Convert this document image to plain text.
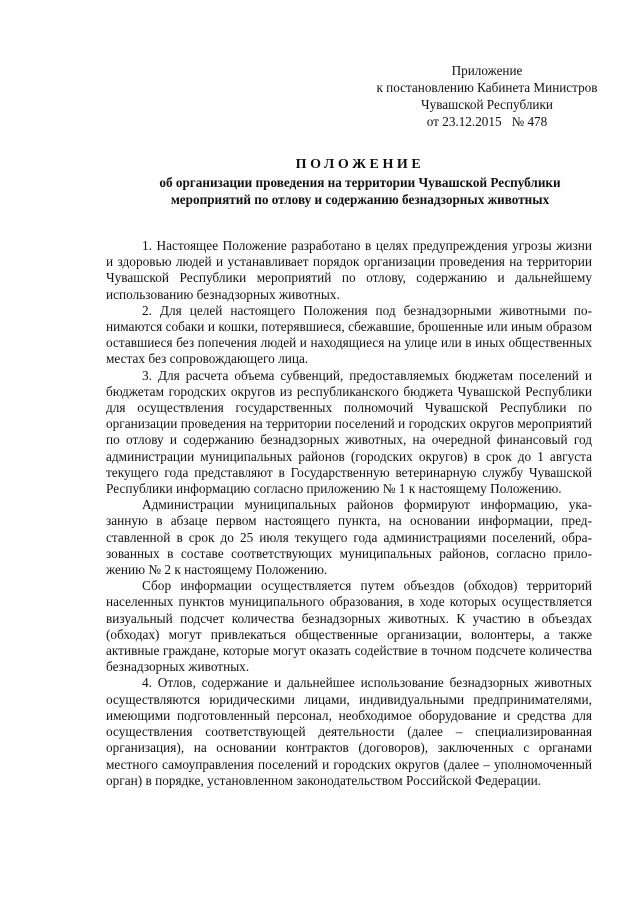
Приложение
к постановлению Кабинета Министров
Чувашской Республики
от 23.12.2015 № 478
ПОЛОЖЕНИЕ
об организации проведения на территории Чувашской Республики
мероприятий по отлову и содержанию безнадзорных животных

1. Настоящее Положение разработано в целях предупреждения угрозы жизни и здоровью людей и устанавливает порядок организации проведения на территории Чувашской Республики мероприятий по отлову, содержанию и дальнейшему использованию безнадзорных животных.

2. Для целей настоящего Положения под безнадзорными животными понимаются собаки и кошки, потерявшиеся, сбежавшие, брошенные или иным образом оставшиеся без попечения людей и находящиеся на улице или в иных общественных местах без сопровождающего лица.

3. Для расчета объема субвенций, предоставляемых бюджетам поселений и бюджетам городских округов из республиканского бюджета Чувашской Республики для осуществления государственных полномочий Чувашской Республики по организации проведения на территории поселений и городских округов мероприятий по отлову и содержанию безнадзорных животных, на очередной финансовый год администрации муниципальных районов (городских округов) в срок до 1 августа текущего года представляют в Государственную ветеринарную службу Чувашской Республики информацию согласно приложению № 1 к настоящему Положению.

Администрации муниципальных районов формируют информацию, указанную в абзаце первом настоящего пункта, на основании информации, представленной в срок до 25 июля текущего года администрациями поселений, образованных в составе соответствующих муниципальных районов, согласно приложению № 2 к настоящему Положению.

Сбор информации осуществляется путем объездов (обходов) территорий населенных пунктов муниципального образования, в ходе которых осуществляется визуальный подсчет количества безнадзорных животных. К участию в объездах (обходах) могут привлекаться общественные организации, волонтеры, а также активные граждане, которые могут оказать содействие в точном подсчете количества безнадзорных животных.

4. Отлов, содержание и дальнейшее использование безнадзорных животных осуществляются юридическими лицами, индивидуальными предпринимателями, имеющими подготовленный персонал, необходимое оборудование и средства для осуществления соответствующей деятельности (далее – специализированная организация), на основании контрактов (договоров), заключенных с органами местного самоуправления поселений и городских округов (далее – уполномоченный орган) в порядке, установленном законодательством Российской Федерации.
